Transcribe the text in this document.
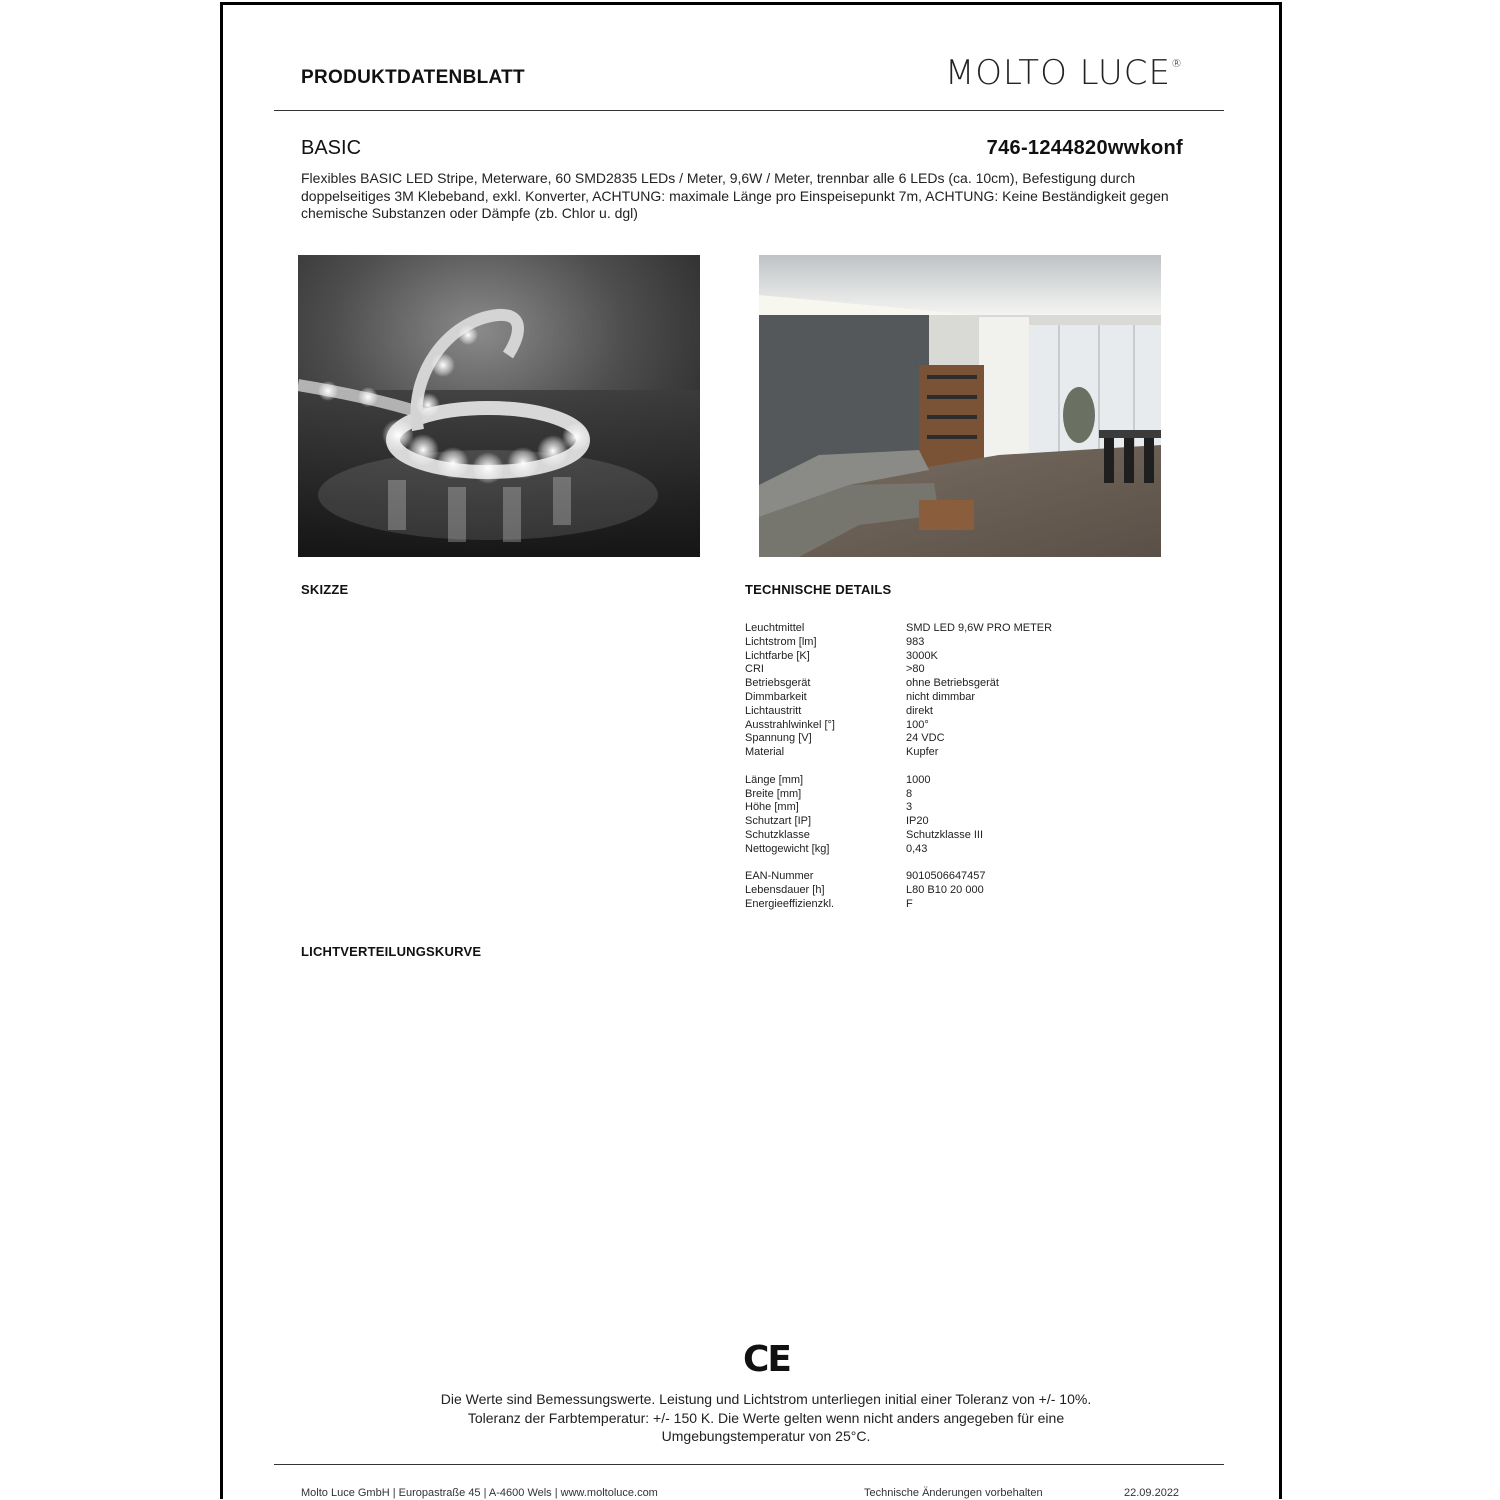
PRODUKTDATENBLATT	MOLTO LUCE®
BASIC	746-1244820wwkonf
Flexibles BASIC LED Stripe, Meterware, 60 SMD2835 LEDs / Meter, 9,6W / Meter, trennbar alle 6 LEDs (ca. 10cm), Befestigung durch doppelseitiges 3M Klebeband, exkl. Konverter, ACHTUNG: maximale Länge pro Einspeisepunkt 7m, ACHTUNG: Keine Beständigkeit gegen chemische Substanzen oder Dämpfe (zb. Chlor u. dgl)
SKIZZE	TECHNISCHE DETAILS
Leuchtmittel	SMD LED 9,6W PRO METER
Lichtstrom [lm]	983
Lichtfarbe [K]	3000K
CRI	>80
Betriebsgerät	ohne Betriebsgerät
Dimmbarkeit	nicht dimmbar
Lichtaustritt	direkt
Ausstrahlwinkel [°]	100°
Spannung [V]	24 VDC
Material	Kupfer
Länge [mm]	1000
Breite [mm]	8
Höhe [mm]	3
Schutzart [IP]	IP20
Schutzklasse	Schutzklasse III
Nettogewicht [kg]	0,43
EAN-Nummer	9010506647457
Lebensdauer [h]	L80 B10 20 000
Energieeffizienzkl.	F
LICHTVERTEILUNGSKURVE
CE
Die Werte sind Bemessungswerte. Leistung und Lichtstrom unterliegen initial einer Toleranz von +/- 10%.
Toleranz der Farbtemperatur: +/- 150 K. Die Werte gelten wenn nicht anders angegeben für eine
Umgebungstemperatur von 25°C.
Molto Luce GmbH | Europastraße 45 | A-4600 Wels | www.moltoluce.com	Technische Änderungen vorbehalten	22.09.2022
